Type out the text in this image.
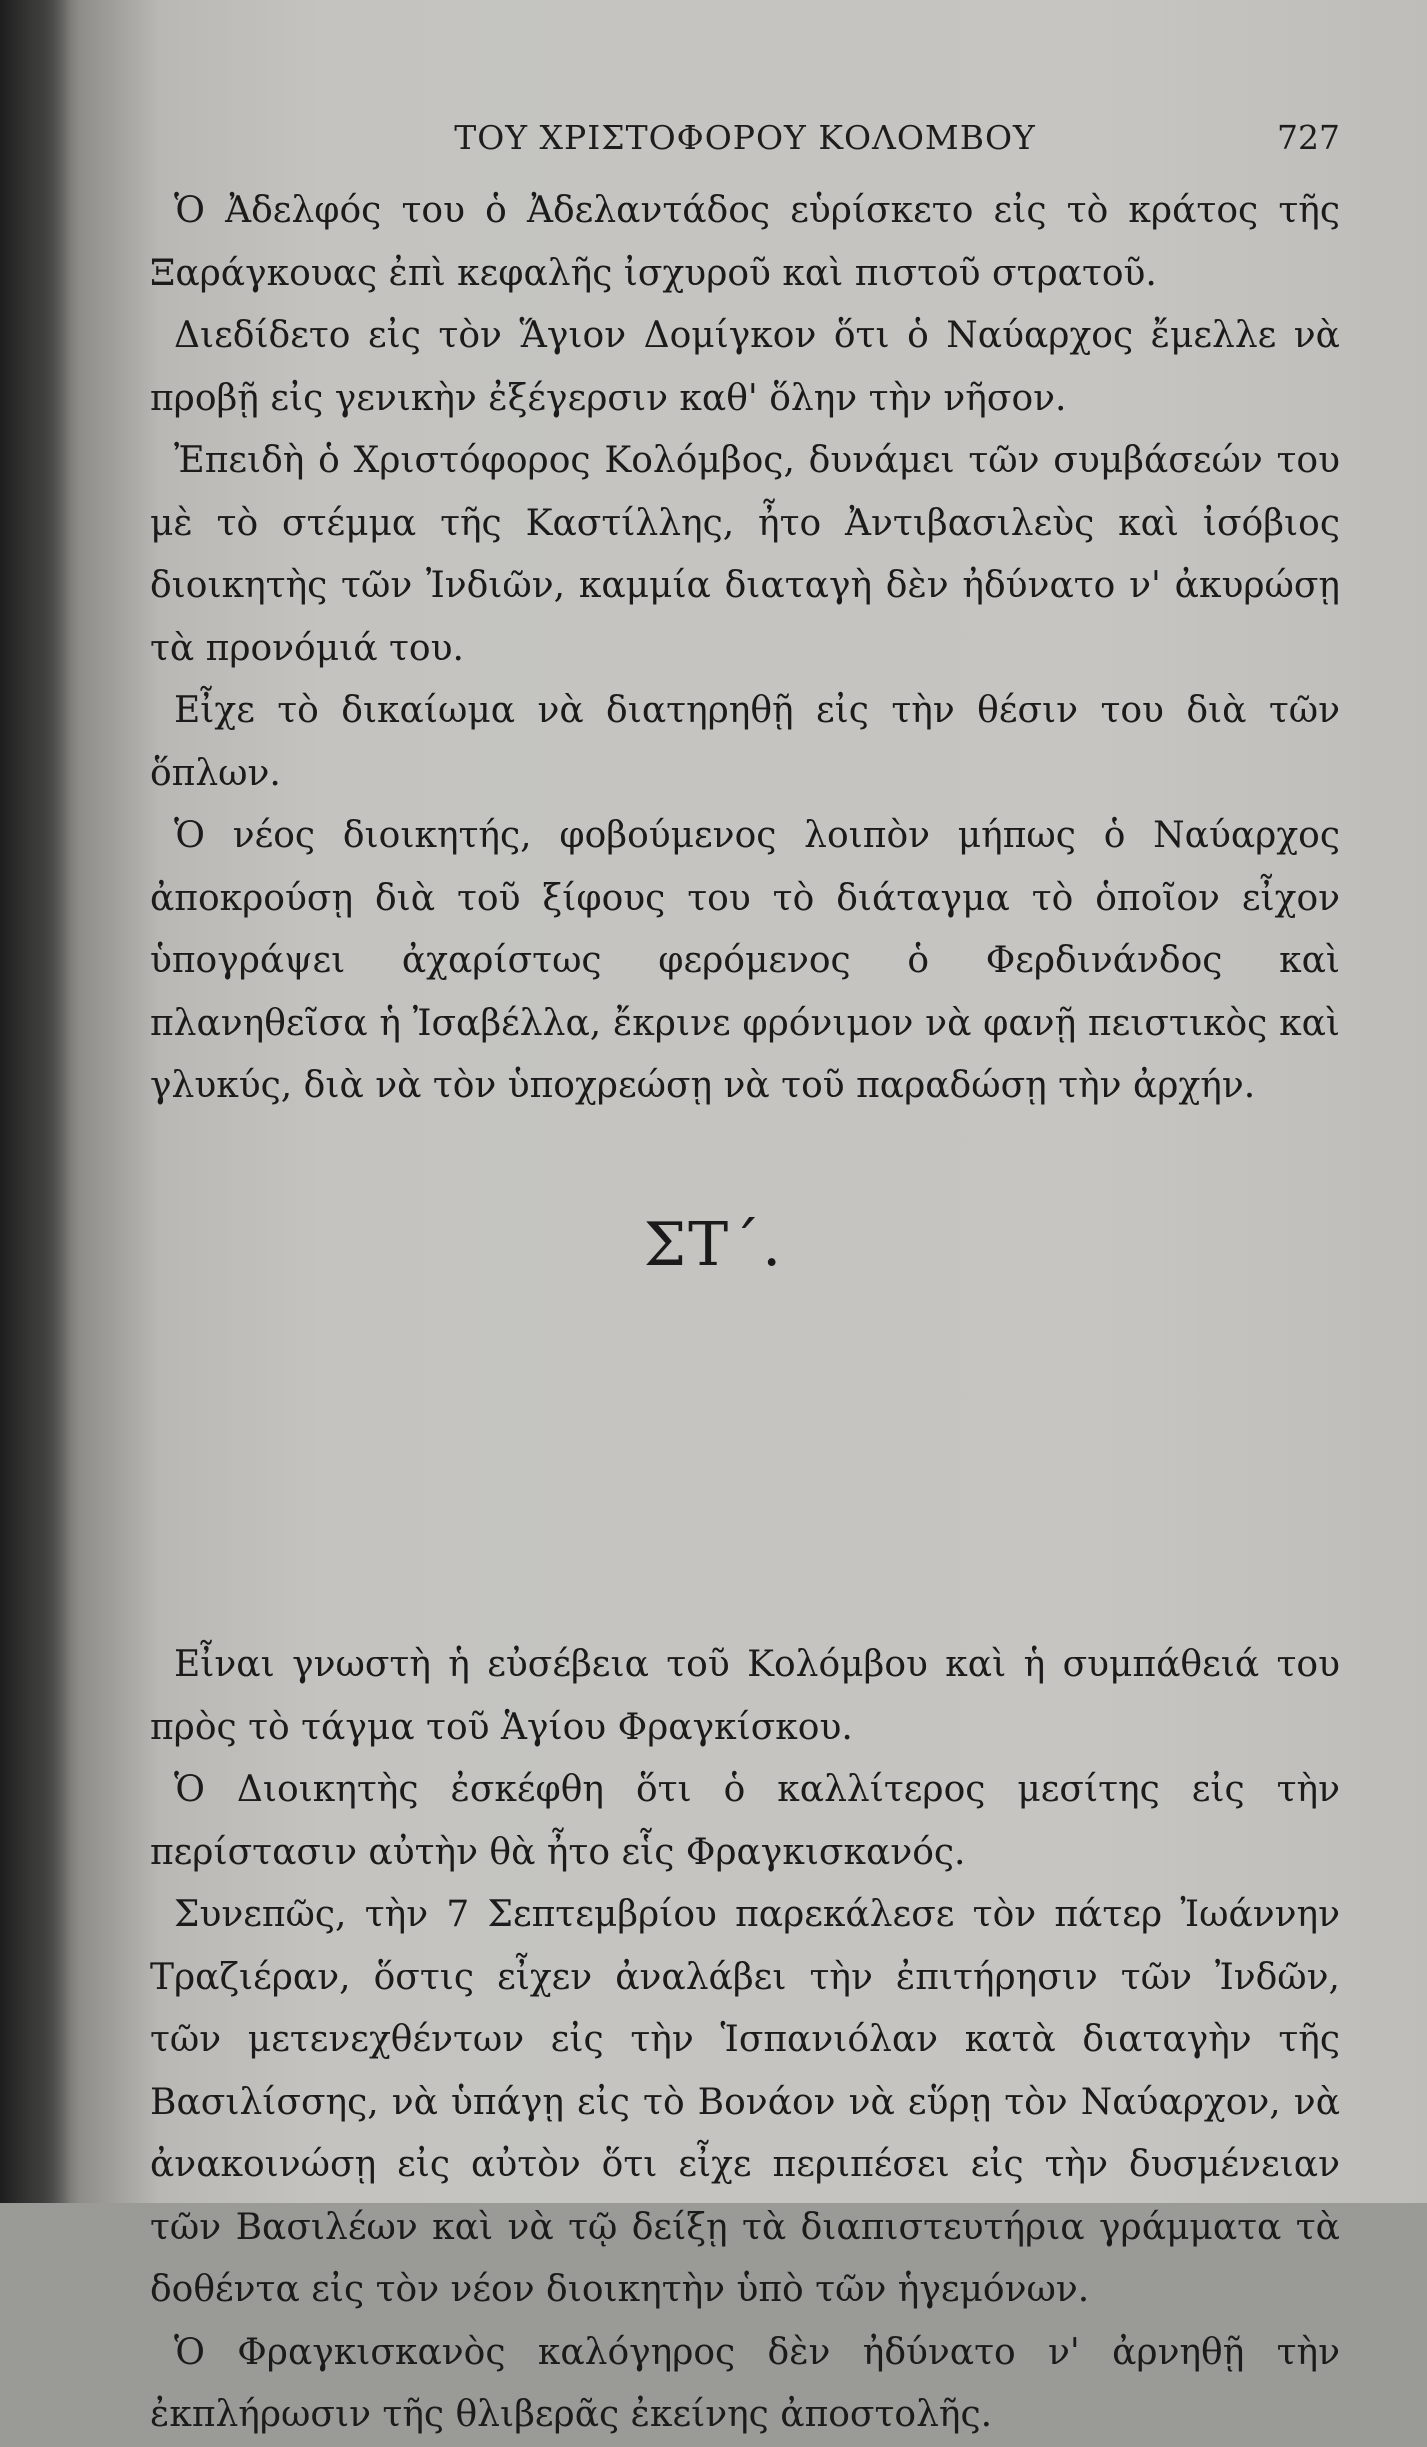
ΤΟΥ ΧΡΙΣΤΟΦΟΡΟΥ ΚΟΛΟΜΒΟΥ	727

Ὁ Ἀδελφός του ὁ Ἀδελαντάδος εὑρίσκετο εἰς τὸ κράτος τῆς Ξαράγκουας ἐπὶ κεφαλῆς ἰσχυροῦ καὶ πιστοῦ στρατοῦ.

Διεδίδετο εἰς τὸν Ἅγιον Δομίγκον ὅτι ὁ Ναύαρχος ἔμελλε νὰ προβῇ εἰς γενικὴν ἐξέγερσιν καθ' ὅλην τὴν νῆσον.

Ἐπειδὴ ὁ Χριστόφορος Κολόμβος, δυνάμει τῶν συμβάσεών του μὲ τὸ στέμμα τῆς Καστίλλης, ἦτο Ἀντιβασιλεὺς καὶ ἰσόβιος διοικητὴς τῶν Ἰνδιῶν, καμμία διαταγὴ δὲν ἠδύνατο ν' ἀκυρώσῃ τὰ προνόμιά του.

Εἶχε τὸ δικαίωμα νὰ διατηρηθῇ εἰς τὴν θέσιν του διὰ τῶν ὅπλων.

Ὁ νέος διοικητής, φοβούμενος λοιπὸν μήπως ὁ Ναύαρχος ἀποκρούσῃ διὰ τοῦ ξίφους του τὸ διάταγμα τὸ ὁποῖον εἶχον ὑπογράψει ἀχαρίστως φερόμενος ὁ Φερδινάνδος καὶ πλανηθεῖσα ἡ Ἰσαβέλλα, ἔκρινε φρόνιμον νὰ φανῇ πειστικὸς καὶ γλυκύς, διὰ νὰ τὸν ὑποχρεώσῃ νὰ τοῦ παραδώσῃ τὴν ἀρχήν.

ΣΤ΄.

Εἶναι γνωστὴ ἡ εὐσέβεια τοῦ Κολόμβου καὶ ἡ συμπάθειά του πρὸς τὸ τάγμα τοῦ Ἁγίου Φραγκίσκου.

Ὁ Διοικητὴς ἐσκέφθη ὅτι ὁ καλλίτερος μεσίτης εἰς τὴν περίστασιν αὐτὴν θὰ ἦτο εἷς Φραγκισκανός.

Συνεπῶς, τὴν 7 Σεπτεμβρίου παρεκάλεσε τὸν πάτερ Ἰωάννην Τραζιέραν, ὅστις εἶχεν ἀναλάβει τὴν ἐπιτήρησιν τῶν Ἰνδῶν, τῶν μετενεχθέντων εἰς τὴν Ἱσπανιόλαν κατὰ διαταγὴν τῆς Βασιλίσσης, νὰ ὑπάγῃ εἰς τὸ Βονάον νὰ εὕρῃ τὸν Ναύαρχον, νὰ ἀνακοινώσῃ εἰς αὐτὸν ὅτι εἶχε περιπέσει εἰς τὴν δυσμένειαν τῶν Βασιλέων καὶ νὰ τῷ δείξῃ τὰ διαπιστευτήρια γράμματα τὰ δοθέντα εἰς τὸν νέον διοικητὴν ὑπὸ τῶν ἡγεμόνων.

Ὁ Φραγκισκανὸς καλόγηρος δὲν ἠδύνατο ν' ἀρνηθῇ τὴν ἐκπλήρωσιν τῆς θλιβερᾶς ἐκείνης ἀποστολῆς.
